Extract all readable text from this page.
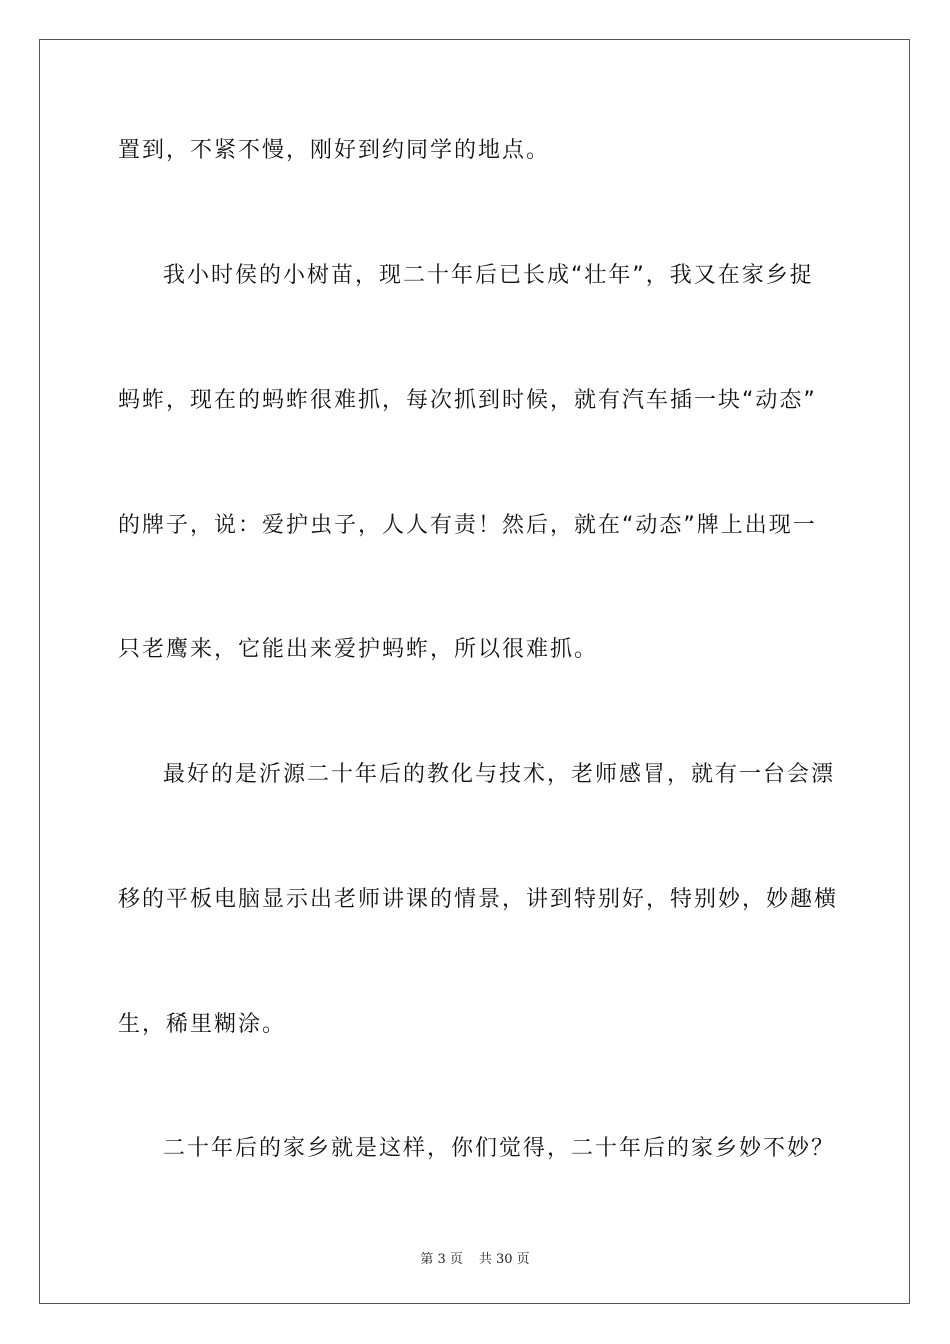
置到，不紧不慢，刚好到约同学的地点。
我小时侯的小树苗，现二十年后已长成“壮年”，我又在家乡捉
蚂蚱，现在的蚂蚱很难抓，每次抓到时候，就有汽车插一块“动态”
的牌子，说：爱护虫子，人人有责！然后，就在“动态”牌上出现一
只老鹰来，它能出来爱护蚂蚱，所以很难抓。
最好的是沂源二十年后的教化与技术，老师感冒，就有一台会漂
移的平板电脑显示出老师讲课的情景，讲到特别好，特别妙，妙趣横
生，稀里糊涂。
二十年后的家乡就是这样，你们觉得，二十年后的家乡妙不妙？
第 3 页 共 30 页
